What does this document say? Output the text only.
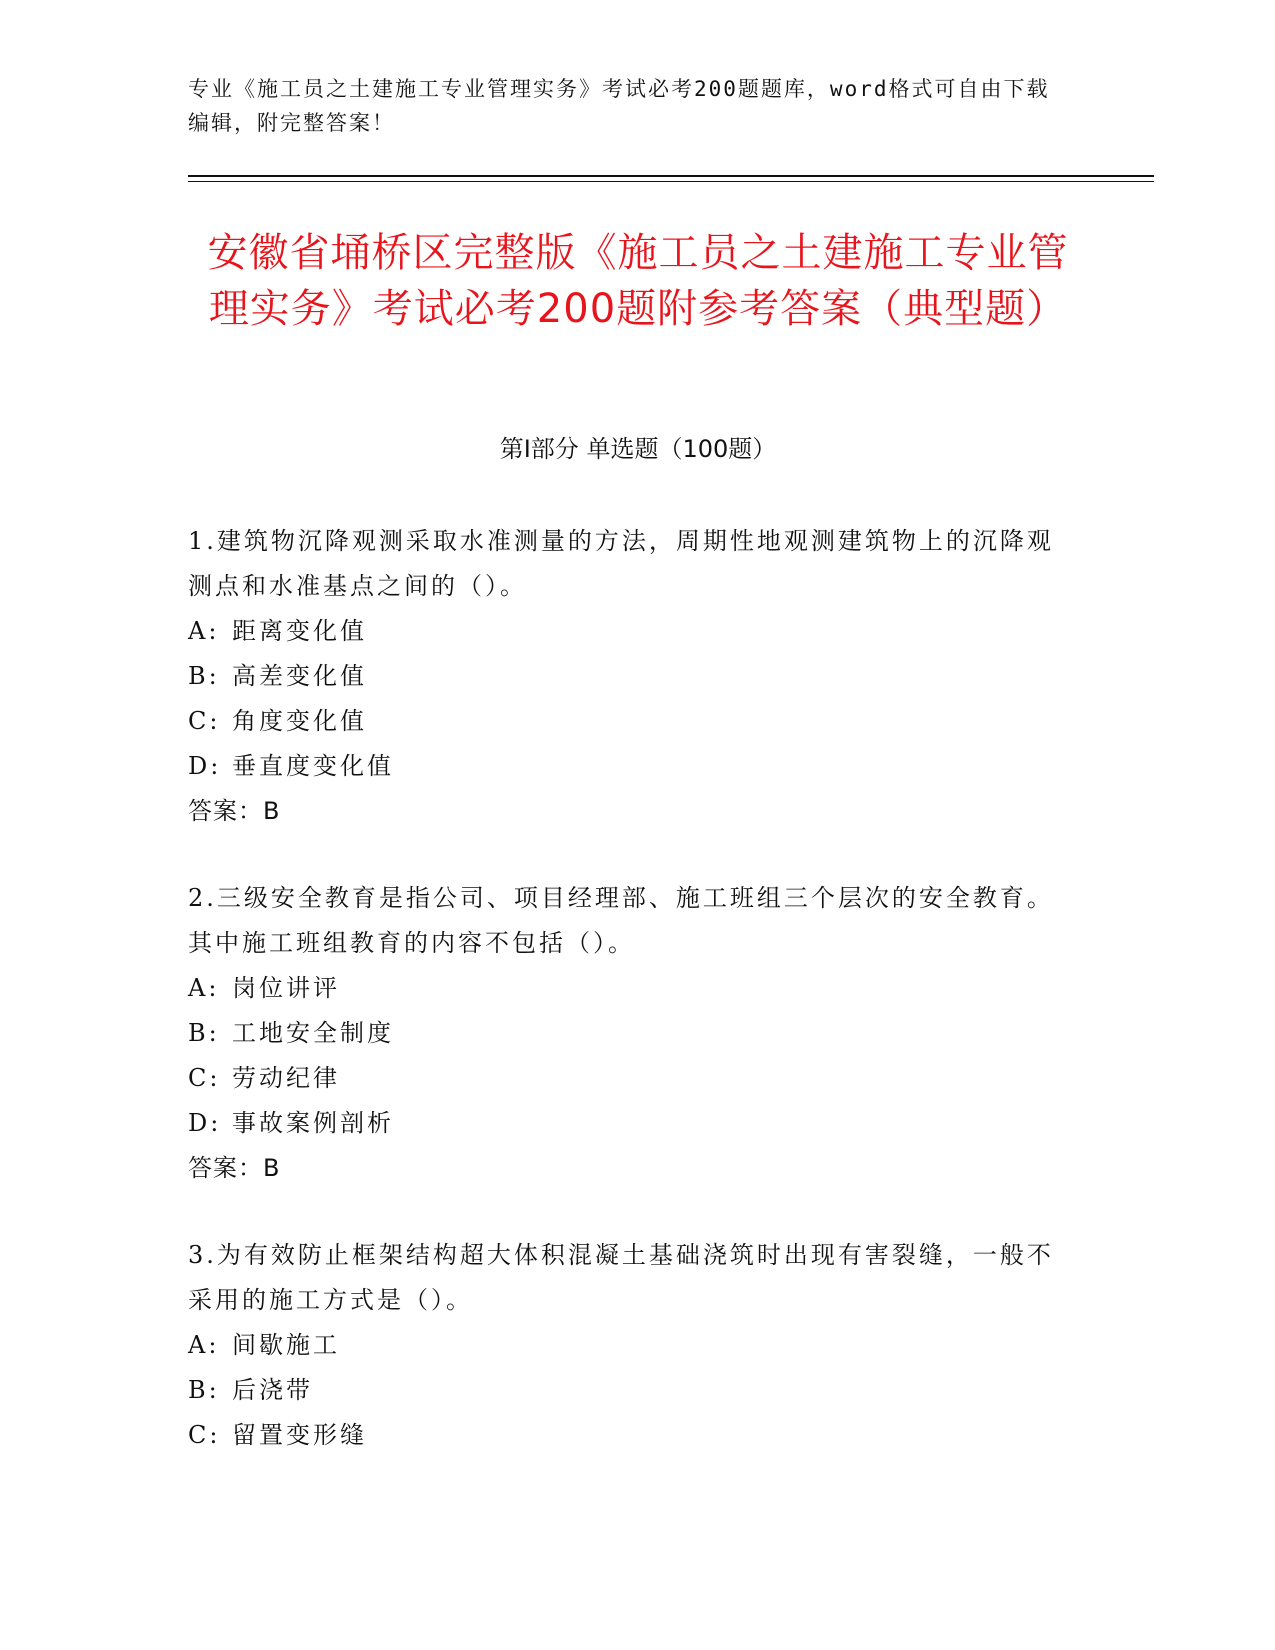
专业《施工员之土建施工专业管理实务》考试必考200题题库，word格式可自由下载编辑，附完整答案！
安徽省埇桥区完整版《施工员之土建施工专业管理实务》考试必考200题附参考答案（典型题）
第Ⅰ部分 单选题（100题）
1.建筑物沉降观测采取水准测量的方法，周期性地观测建筑物上的沉降观测点和水准基点之间的（）。
A: 距离变化值
B: 高差变化值
C: 角度变化值
D: 垂直度变化值
答案：B
2.三级安全教育是指公司、项目经理部、施工班组三个层次的安全教育。其中施工班组教育的内容不包括（）。
A: 岗位讲评
B: 工地安全制度
C: 劳动纪律
D: 事故案例剖析
答案：B
3.为有效防止框架结构超大体积混凝土基础浇筑时出现有害裂缝，一般不采用的施工方式是（）。
A: 间歇施工
B: 后浇带
C: 留置变形缝
